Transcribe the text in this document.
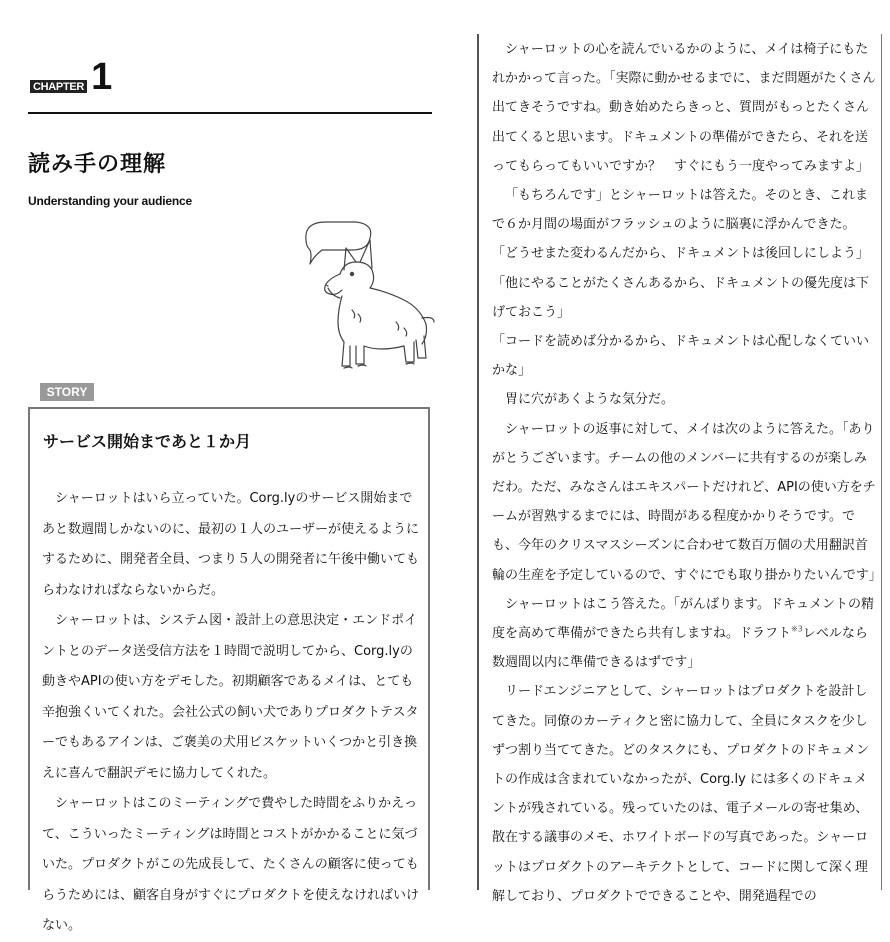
CHAPTER 1
読み手の理解
Understanding your audience
STORY
サービス開始まであと１か月

シャーロットはいら立っていた。Corg.lyのサービス開始まであと数週間しかないのに、最初の１人のユーザーが使えるようにするために、開発者全員、つまり５人の開発者に午後中働いてもらわなければならないからだ。

シャーロットは、システム図・設計上の意思決定・エンドポイントとのデータ送受信方法を１時間で説明してから、Corg.lyの動きやAPIの使い方をデモした。初期顧客であるメイは、とても辛抱強くいてくれた。会社公式の飼い犬でありプロダクトテスターでもあるアインは、ご褒美の犬用ビスケットいくつかと引き換えに喜んで翻訳デモに協力してくれた。

シャーロットはこのミーティングで費やした時間をふりかえって、こういったミーティングは時間とコストがかかることに気づいた。プロダクトがこの先成長して、たくさんの顧客に使ってもらうためには、顧客自身がすぐにプロダクトを使えなければいけない。

シャーロットの心を読んでいるかのように、メイは椅子にもたれかかって言った。「実際に動かせるまでに、まだ問題がたくさん出てきそうですね。動き始めたらきっと、質問がもっとたくさん出てくると思います。ドキュメントの準備ができたら、それを送ってもらってもいいですか？　すぐにもう一度やってみますよ」

「もちろんです」とシャーロットは答えた。そのとき、これまで６か月間の場面がフラッシュのように脳裏に浮かんできた。

「どうせまた変わるんだから、ドキュメントは後回しにしよう」

「他にやることがたくさんあるから、ドキュメントの優先度は下げておこう」

「コードを読めば分かるから、ドキュメントは心配しなくていいかな」

胃に穴があくような気分だ。

シャーロットの返事に対して、メイは次のように答えた。「ありがとうございます。チームの他のメンバーに共有するのが楽しみだわ。ただ、みなさんはエキスパートだけれど、APIの使い方をチームが習熟するまでには、時間がある程度かかりそうです。でも、今年のクリスマスシーズンに合わせて数百万個の犬用翻訳首輪の生産を予定しているので、すぐにでも取り掛かりたいんです」

シャーロットはこう答えた。「がんばります。ドキュメントの精度を高めて準備ができたら共有しますね。ドラフト$^{※3}$レベルなら数週間以内に準備できるはずです」

リードエンジニアとして、シャーロットはプロダクトを設計してきた。同僚のカーティクと密に協力して、全員にタスクを少しずつ割り当ててきた。どのタスクにも、プロダクトのドキュメントの作成は含まれていなかったが、Corg.ly には多くのドキュメントが残されている。残っていたのは、電子メールの寄せ集め、散在する議事のメモ、ホワイトボードの写真であった。シャーロットはプロダクトのアーキテクトとして、コードに関して深く理解しており、プロダクトでできることや、開発過程での
